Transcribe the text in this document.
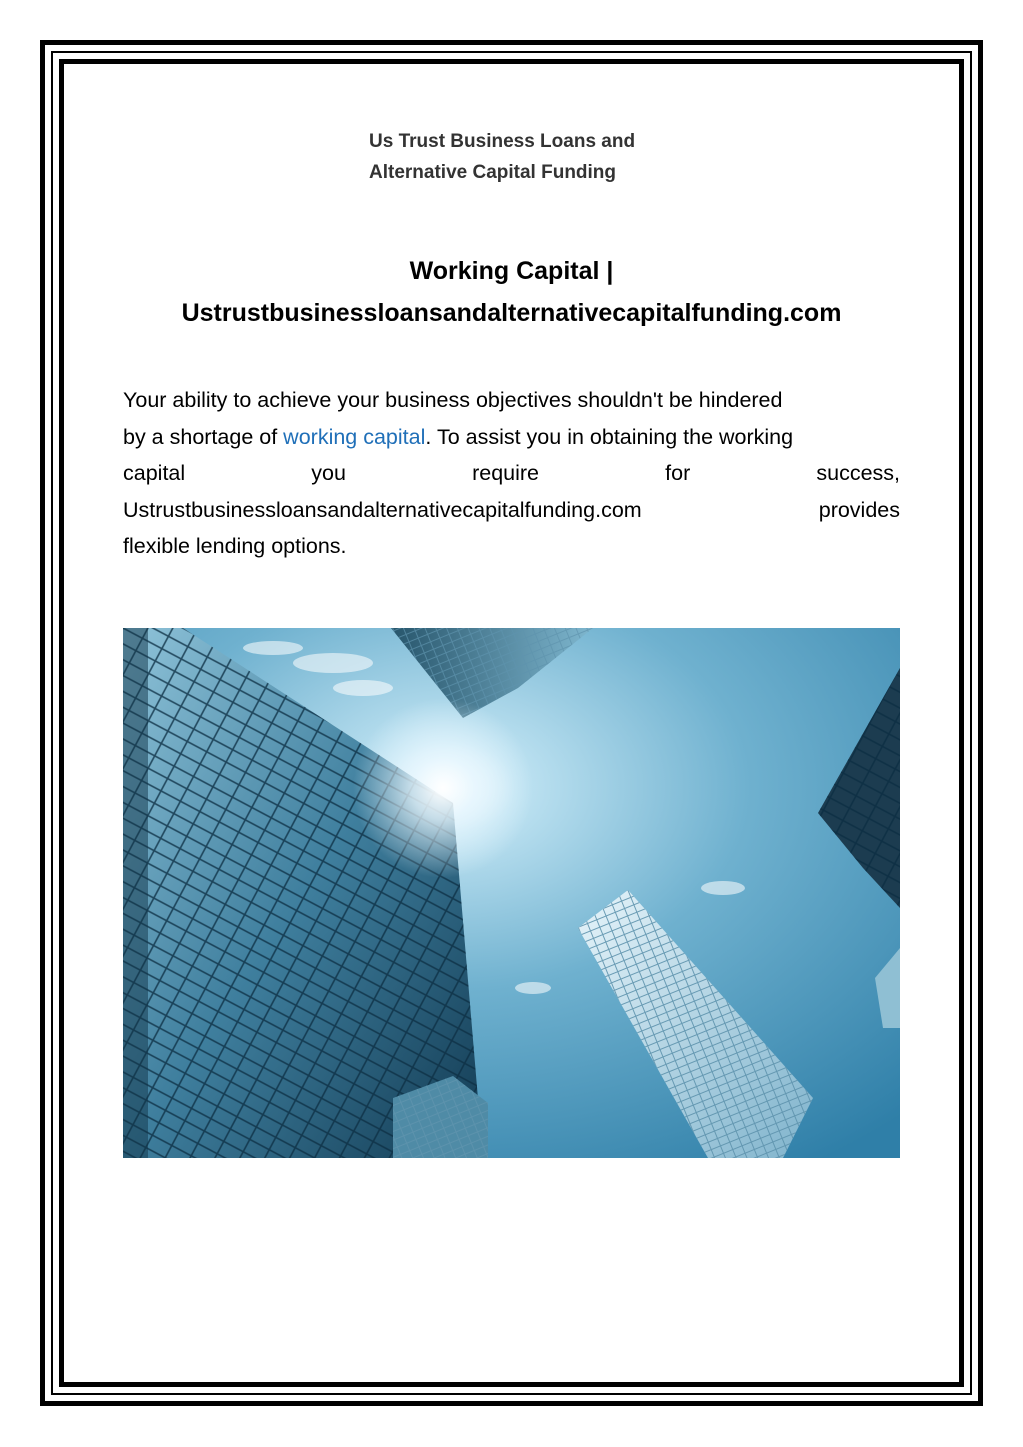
Us Trust Business Loans and
Alternative Capital Funding
Working Capital |
Ustrustbusinessloansandalternativecapitalfunding.com
Your ability to achieve your business objectives shouldn't be hindered
by a shortage of working capital . To assist you in obtaining the working
capital	you	require	for	success,
Ustrustbusinessloansandalternativecapitalfunding.com	provides
flexible lending options.
